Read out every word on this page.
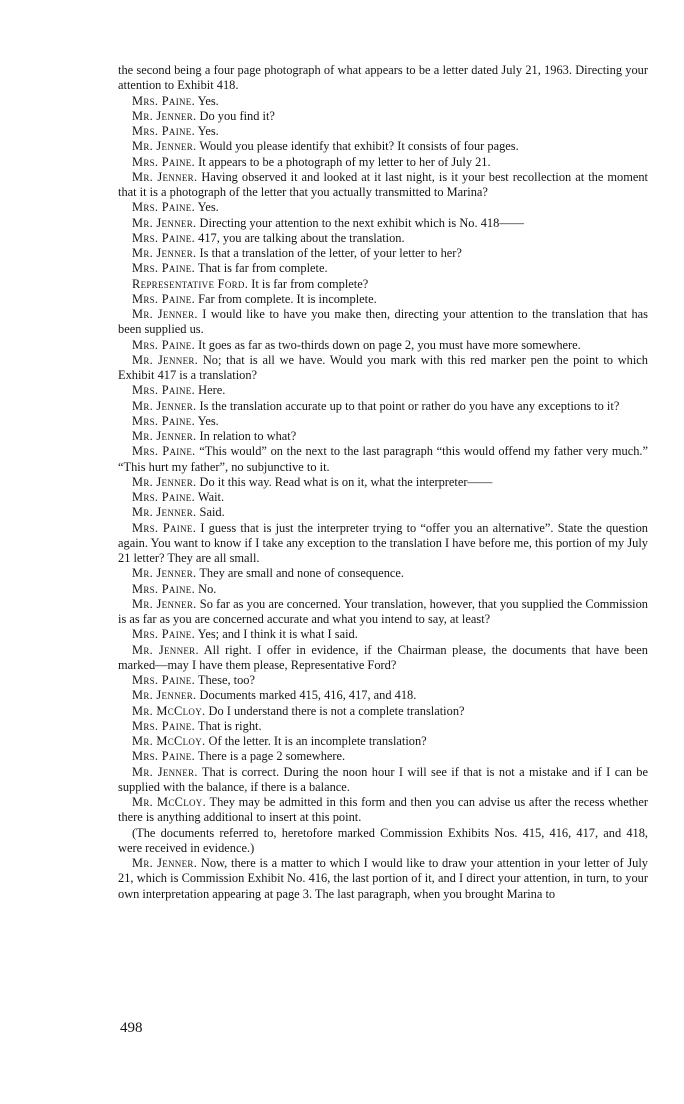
the second being a four page photograph of what appears to be a letter dated July 21, 1963. Directing your attention to Exhibit 418.

Mrs. Paine. Yes.

Mr. Jenner. Do you find it?

Mrs. Paine. Yes.

Mr. Jenner. Would you please identify that exhibit? It consists of four pages.

Mrs. Paine. It appears to be a photograph of my letter to her of July 21.

Mr. Jenner. Having observed it and looked at it last night, is it your best recollection at the moment that it is a photograph of the letter that you actually transmitted to Marina?

Mrs. Paine. Yes.

Mr. Jenner. Directing your attention to the next exhibit which is No. 418——

Mrs. Paine. 417, you are talking about the translation.

Mr. Jenner. Is that a translation of the letter, of your letter to her?

Mrs. Paine. That is far from complete.

Representative Ford. It is far from complete?

Mrs. Paine. Far from complete. It is incomplete.

Mr. Jenner. I would like to have you make then, directing your attention to the translation that has been supplied us.

Mrs. Paine. It goes as far as two-thirds down on page 2, you must have more somewhere.

Mr. Jenner. No; that is all we have. Would you mark with this red marker pen the point to which Exhibit 417 is a translation?

Mrs. Paine. Here.

Mr. Jenner. Is the translation accurate up to that point or rather do you have any exceptions to it?

Mrs. Paine. Yes.

Mr. Jenner. In relation to what?

Mrs. Paine. “This would” on the next to the last paragraph “this would offend my father very much.” “This hurt my father”, no subjunctive to it.

Mr. Jenner. Do it this way. Read what is on it, what the interpreter——

Mrs. Paine. Wait.

Mr. Jenner. Said.

Mrs. Paine. I guess that is just the interpreter trying to “offer you an alternative”. State the question again. You want to know if I take any exception to the translation I have before me, this portion of my July 21 letter? They are all small.

Mr. Jenner. They are small and none of consequence.

Mrs. Paine. No.

Mr. Jenner. So far as you are concerned. Your translation, however, that you supplied the Commission is as far as you are concerned accurate and what you intend to say, at least?

Mrs. Paine. Yes; and I think it is what I said.

Mr. Jenner. All right. I offer in evidence, if the Chairman please, the documents that have been marked—may I have them please, Representative Ford?

Mrs. Paine. These, too?

Mr. Jenner. Documents marked 415, 416, 417, and 418.

Mr. McCloy. Do I understand there is not a complete translation?

Mrs. Paine. That is right.

Mr. McCloy. Of the letter. It is an incomplete translation?

Mrs. Paine. There is a page 2 somewhere.

Mr. Jenner. That is correct. During the noon hour I will see if that is not a mistake and if I can be supplied with the balance, if there is a balance.

Mr. McCloy. They may be admitted in this form and then you can advise us after the recess whether there is anything additional to insert at this point.

(The documents referred to, heretofore marked Commission Exhibits Nos. 415, 416, 417, and 418, were received in evidence.)

Mr. Jenner. Now, there is a matter to which I would like to draw your attention in your letter of July 21, which is Commission Exhibit No. 416, the last portion of it, and I direct your attention, in turn, to your own interpretation appearing at page 3. The last paragraph, when you brought Marina to

498
